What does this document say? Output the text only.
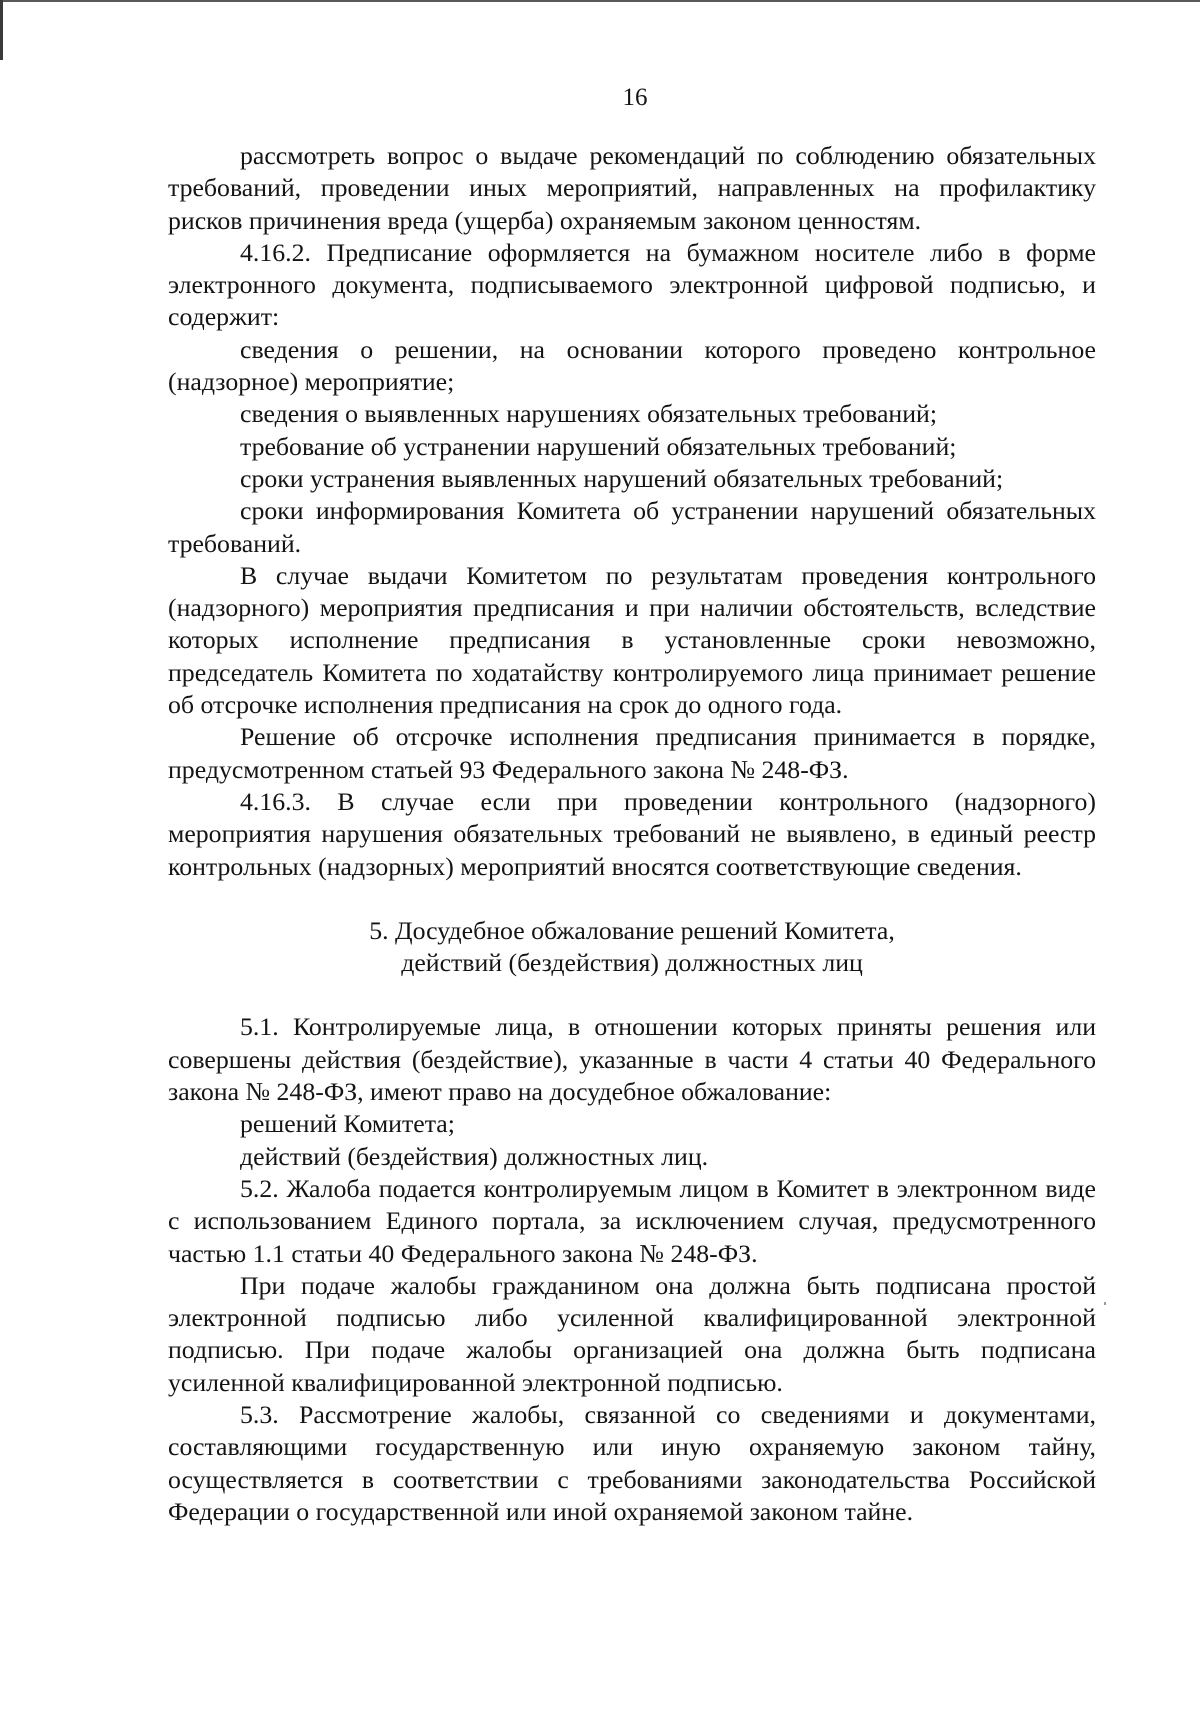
16

рассмотреть вопрос о выдаче рекомендаций по соблюдению обязательных требований, проведении иных мероприятий, направленных на профилактику рисков причинения вреда (ущерба) охраняемым законом ценностям.

4.16.2. Предписание оформляется на бумажном носителе либо в форме электронного документа, подписываемого электронной цифровой подписью, и содержит:

сведения о решении, на основании которого проведено контрольное (надзорное) мероприятие;

сведения о выявленных нарушениях обязательных требований;

требование об устранении нарушений обязательных требований;

сроки устранения выявленных нарушений обязательных требований;

сроки информирования Комитета об устранении нарушений обязательных требований.

В случае выдачи Комитетом по результатам проведения контрольного (надзорного) мероприятия предписания и при наличии обстоятельств, вследствие которых исполнение предписания в установленные сроки невозможно, председатель Комитета по ходатайству контролируемого лица принимает решение об отсрочке исполнения предписания на срок до одного года.

Решение об отсрочке исполнения предписания принимается в порядке, предусмотренном статьей 93 Федерального закона № 248-ФЗ.

4.16.3. В случае если при проведении контрольного (надзорного) мероприятия нарушения обязательных требований не выявлено, в единый реестр контрольных (надзорных) мероприятий вносятся соответствующие сведения.

5. Досудебное обжалование решений Комитета,

действий (бездействия) должностных лиц

5.1. Контролируемые лица, в отношении которых приняты решения или совершены действия (бездействие), указанные в части 4 статьи 40 Федерального закона № 248-ФЗ, имеют право на досудебное обжалование:

решений Комитета;

действий (бездействия) должностных лиц.

5.2. Жалоба подается контролируемым лицом в Комитет в электронном виде с использованием Единого портала, за исключением случая, предусмотренного частью 1.1 статьи 40 Федерального закона № 248-ФЗ.

При подаче жалобы гражданином она должна быть подписана простой электронной подписью либо усиленной квалифицированной электронной подписью. При подаче жалобы организацией она должна быть подписана усиленной квалифицированной электронной подписью.

5.3. Рассмотрение жалобы, связанной со сведениями и документами, составляющими государственную или иную охраняемую законом тайну, осуществляется в соответствии с требованиями законодательства Российской Федерации о государственной или иной охраняемой законом тайне.
